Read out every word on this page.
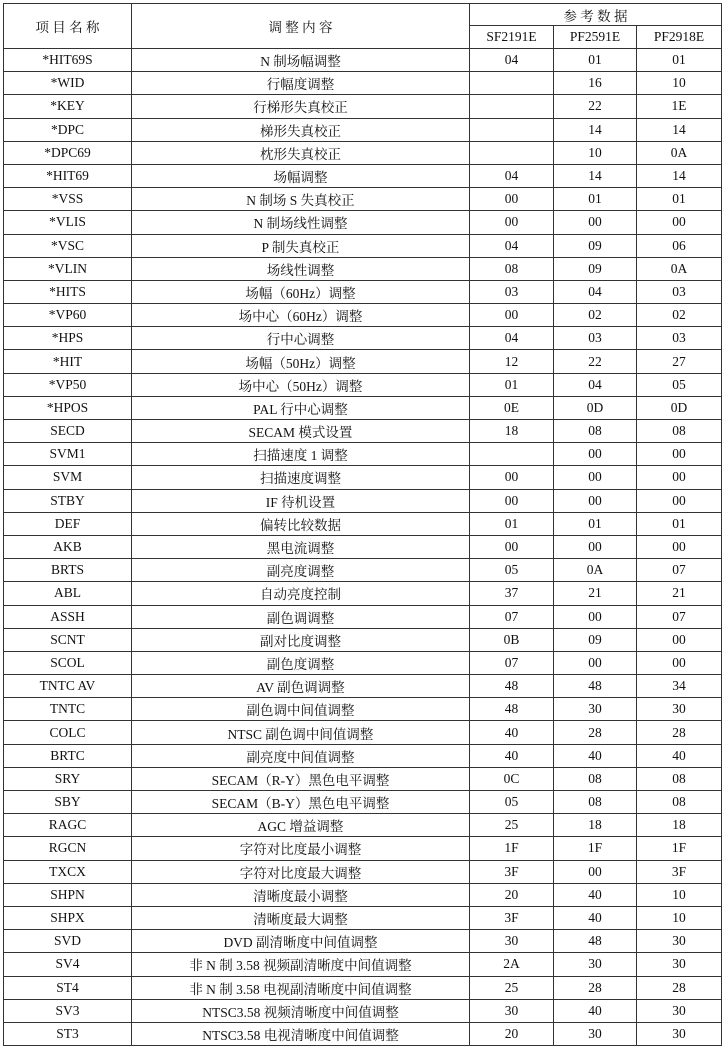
项 目 名 称	调 整 内 容	参 考 数 据		
		SF2191E	PF2591E	PF2918E
*HIT69S	N 制场幅调整	04	01	01
*WID	行幅度调整		16	10
*KEY	行梯形失真校正		22	1E
*DPC	梯形失真校正		14	14
*DPC69	枕形失真校正		10	0A
*HIT69	场幅调整	04	14	14
*VSS	N 制场 S 失真校正	00	01	01
*VLIS	N 制场线性调整	00	00	00
*VSC	P 制失真校正	04	09	06
*VLIN	场线性调整	08	09	0A
*HITS	场幅（60Hz）调整	03	04	03
*VP60	场中心（60Hz）调整	00	02	02
*HPS	行中心调整	04	03	03
*HIT	场幅（50Hz）调整	12	22	27
*VP50	场中心（50Hz）调整	01	04	05
*HPOS	PAL 行中心调整	0E	0D	0D
SECD	SECAM 模式设置	18	08	08
SVM1	扫描速度 1 调整		00	00
SVM	扫描速度调整	00	00	00
STBY	IF 待机设置	00	00	00
DEF	偏转比较数据	01	01	01
AKB	黑电流调整	00	00	00
BRTS	副亮度调整	05	0A	07
ABL	自动亮度控制	37	21	21
ASSH	副色调调整	07	00	07
SCNT	副对比度调整	0B	09	00
SCOL	副色度调整	07	00	00
TNTC AV	AV 副色调调整	48	48	34
TNTC	副色调中间值调整	48	30	30
COLC	NTSC 副色调中间值调整	40	28	28
BRTC	副亮度中间值调整	40	40	40
SRY	SECAM（R-Y）黑色电平调整	0C	08	08
SBY	SECAM（B-Y）黑色电平调整	05	08	08
RAGC	AGC 增益调整	25	18	18
RGCN	字符对比度最小调整	1F	1F	1F
TXCX	字符对比度最大调整	3F	00	3F
SHPN	清晰度最小调整	20	40	10
SHPX	清晰度最大调整	3F	40	10
SVD	DVD 副清晰度中间值调整	30	48	30
SV4	非 N 制 3.58 视频副清晰度中间值调整	2A	30	30
ST4	非 N 制 3.58 电视副清晰度中间值调整	25	28	28
SV3	NTSC3.58 视频清晰度中间值调整	30	40	30
ST3	NTSC3.58 电视清晰度中间值调整	20	30	30
